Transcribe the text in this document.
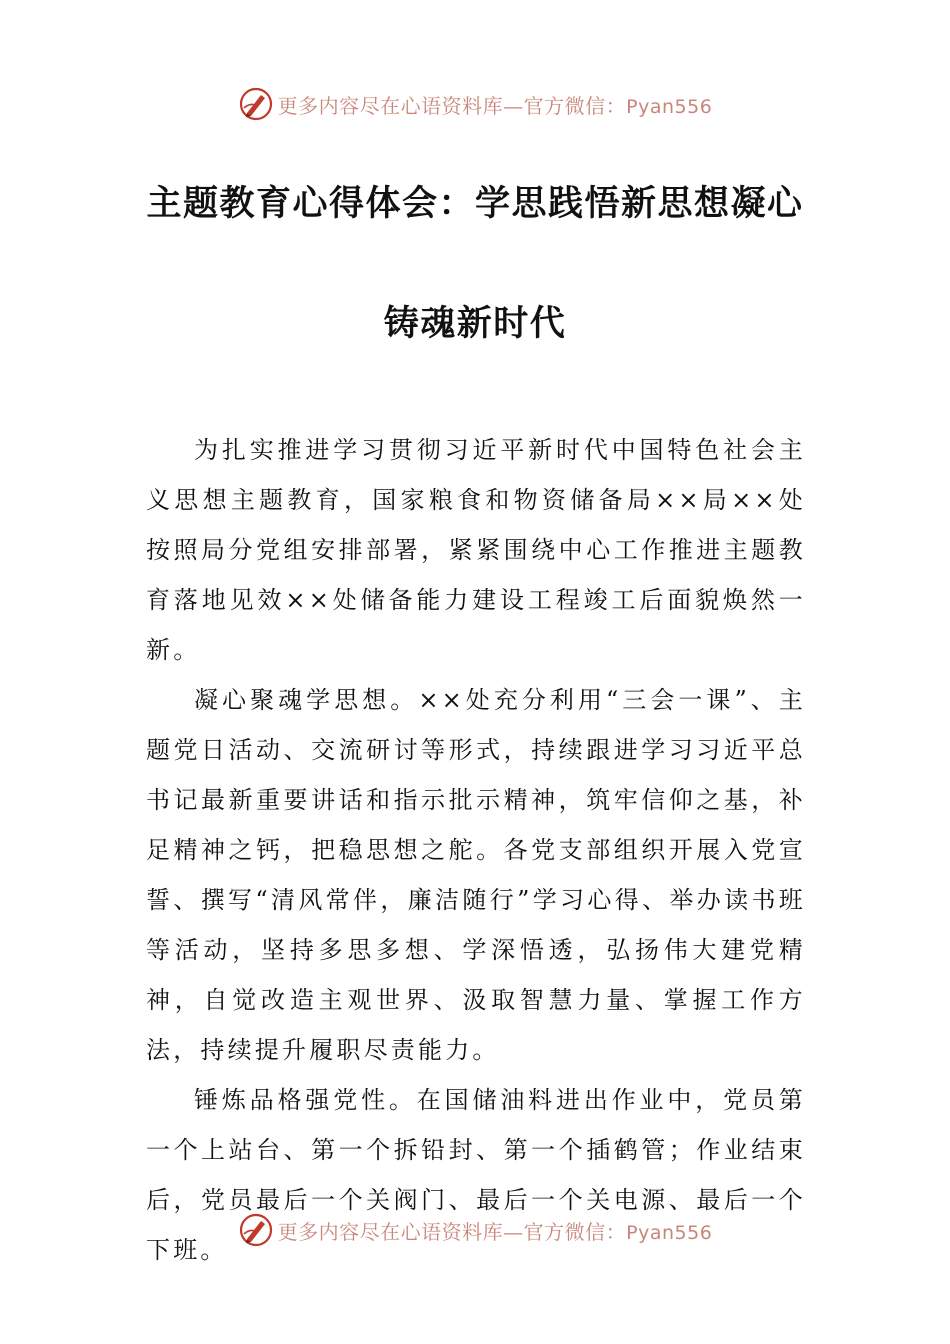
更多内容尽在心语资料库—官方微信：Pyan556
主题教育心得体会：学思践悟新思想凝心
铸魂新时代

为扎实推进学习贯彻习近平新时代中国特色社会主义思想主题教育，国家粮食和物资储备局××局××处按照局分党组安排部署，紧紧围绕中心工作推进主题教育落地见效××处储备能力建设工程竣工后面貌焕然一新。

凝心聚魂学思想。××处充分利用“三会一课”、主题党日活动、交流研讨等形式，持续跟进学习习近平总书记最新重要讲话和指示批示精神，筑牢信仰之基，补足精神之钙，把稳思想之舵。各党支部组织开展入党宣誓、撰写“清风常伴，廉洁随行”学习心得、举办读书班等活动，坚持多思多想、学深悟透，弘扬伟大建党精神，自觉改造主观世界、汲取智慧力量、掌握工作方法，持续提升履职尽责能力。

锤炼品格强党性。在国储油料进出作业中，党员第一个上站台、第一个拆铅封、第一个插鹤管；作业结束后，党员最后一个关阀门、最后一个关电源、最后一个下班。

更多内容尽在心语资料库—官方微信：Pyan556
